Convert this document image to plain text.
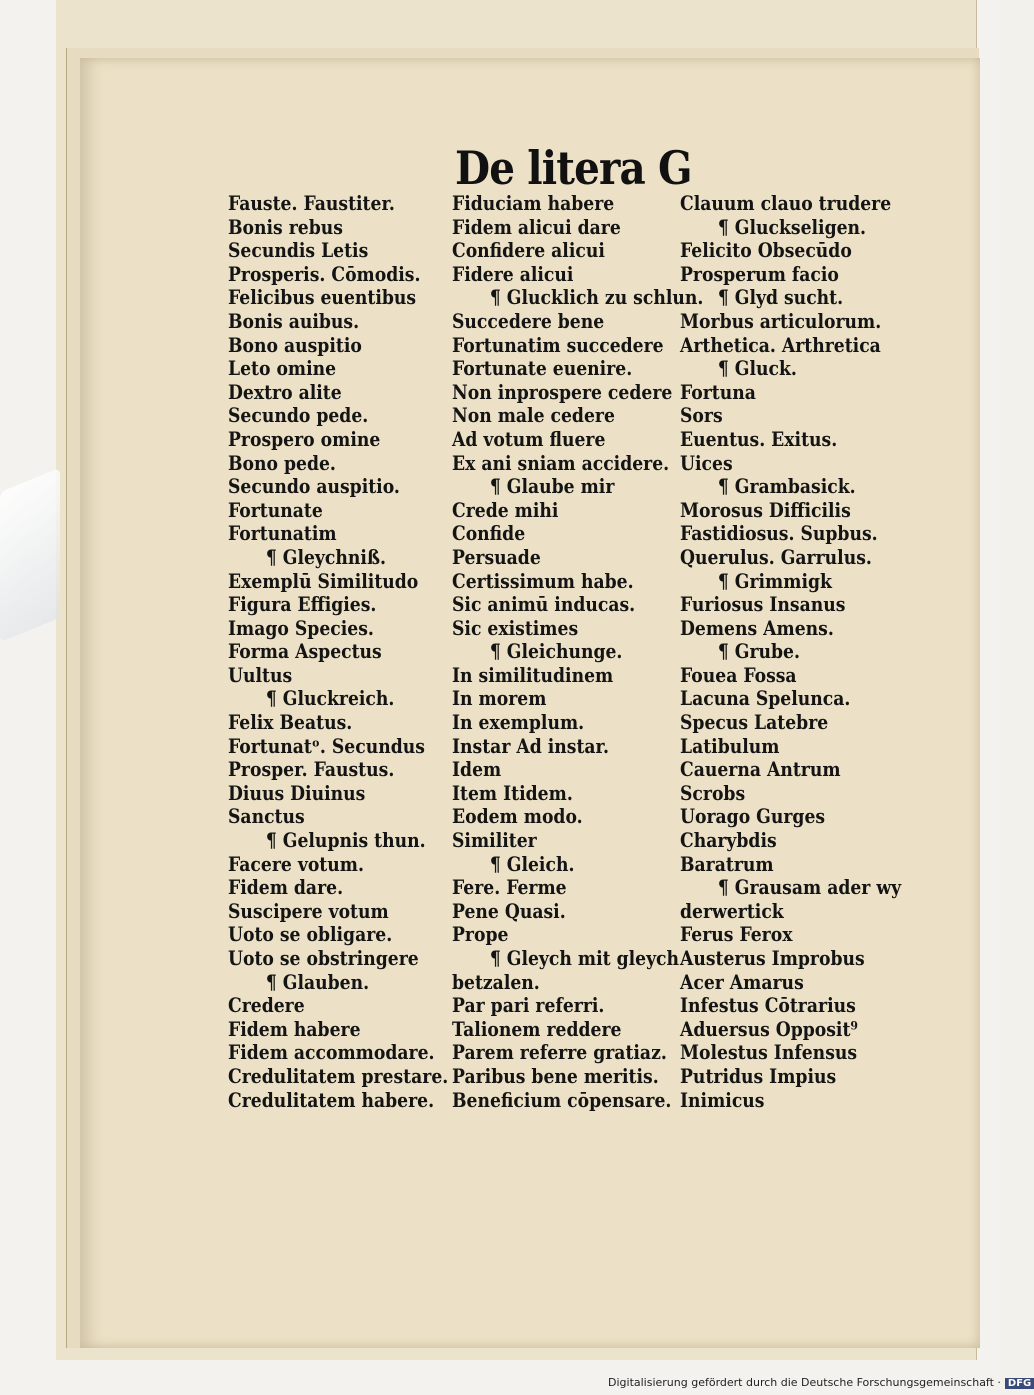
De litera G
Fauste. Faustiter.
Bonis rebus
Secundis Letis
Prosperis. Cōmodis.
Felicibus euentibus
Bonis auibus.
Bono auspitio
Leto omine
Dextro alite
Secundo pede.
Prospero omine
Bono pede.
Secundo auspitio.
Fortunate
Fortunatim
¶ Gleychniß.
Exemplū Similitudo
Figura Effigies.
Imago Species.
Forma Aspectus
Uultus
¶ Gluckreich.
Felix Beatus.
Fortunatᵒ. Secundus
Prosper. Faustus.
Diuus Diuinus
Sanctus
¶ Gelupnis thun.
Facere votum.
Fidem dare.
Suscipere votum
Uoto se obligare.
Uoto se obstringere
¶ Glauben.
Credere
Fidem habere
Fidem accommodare.
Credulitatem prestare.
Credulitatem habere.
Fiduciam habere
Fidem alicui dare
Confidere alicui
Fidere alicui
¶ Glucklich zu schlun.
Succedere bene
Fortunatim succedere
Fortunate euenire.
Non inprospere cedere
Non male cedere
Ad votum fluere
Ex ani sniam accidere.
¶ Glaube mir
Crede mihi
Confide
Persuade
Certissimum habe.
Sic animū inducas.
Sic existimes
¶ Gleichunge.
In similitudinem
In morem
In exemplum.
Instar Ad instar.
Idem
Item Itidem.
Eodem modo.
Similiter
¶ Gleich.
Fere. Ferme
Pene Quasi.
Prope
¶ Gleych mit gleych
betzalen.
Par pari referri.
Talionem reddere
Parem referre gratiaz.
Paribus bene meritis.
Beneficium cōpensare.
Clauum clauo trudere
¶ Gluckseligen.
Felicito Obsecūdo
Prosperum facio
¶ Glyd sucht.
Morbus articulorum.
Arthetica. Arthretica
¶ Gluck.
Fortuna
Sors
Euentus. Exitus.
Uices
¶ Grambasick.
Morosus Difficilis
Fastidiosus. Supbus.
Querulus. Garrulus.
¶ Grimmigk
Furiosus Insanus
Demens Amens.
¶ Grube.
Fouea Fossa
Lacuna Spelunca.
Specus Latebre
Latibulum
Cauerna Antrum
Scrobs
Uorago Gurges
Charybdis
Baratrum
¶ Grausam ader wy
derwertick
Ferus Ferox
Austerus Improbus
Acer Amarus
Infestus Cōtrarius
Aduersus Opposit⁹
Molestus Infensus
Putridus Impius
Inimicus
Digitalisierung gefördert durch die Deutsche Forschungsgemeinschaft · DFG
